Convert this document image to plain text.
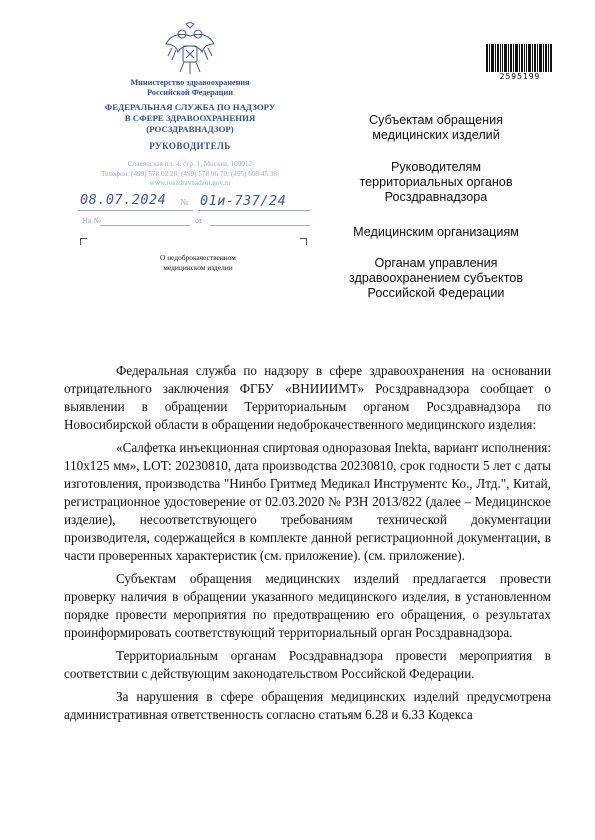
Министерство здравоохранения
Российской Федерации
ФЕДЕРАЛЬНАЯ СЛУЖБА ПО НАДЗОРУ
В СФЕРЕ ЗДРАВООХРАНЕНИЯ
(РОСЗДРАВНАДЗОР)
РУКОВОДИТЕЛЬ
Славянская пл. 4, стр. 1, Москва, 109012
Телефон: (499) 578 02 20; (499) 578 06 70; (495) 698 45 38;
www.roszdravnadzor.gov.ru
08.07.2024 № 01и-737/24
На №	от
О недоброкачественном
медицинском изделии
2595199
Субъектам обращения
медицинских изделий
Руководителям
территориальных органов
Росздравнадзора
Медицинским организациям
Органам управления
здравоохранением субъектов
Российской Федерации

Федеральная служба по надзору в сфере здравоохранения на основании отрицательного заключения ФГБУ «ВНИИИМТ» Росздравнадзора сообщает о выявлении в обращении Территориальным органом Росздравнадзора по Новосибирской области в обращении недоброкачественного медицинского изделия:

«Салфетка инъекционная спиртовая одноразовая Inekta, вариант исполнения: 110x125 мм», LOT: 20230810, дата производства 20230810, срок годности 5 лет с даты изготовления, производства "Нинбо Гритмед Медикал Инструментс Ко., Лтд.", Китай, регистрационное удостоверение от 02.03.2020 № РЗН 2013/822 (далее – Медицинское изделие), несоответствующего требованиям технической документации производителя, содержащейся в комплекте данной регистрационной документации, в части проверенных характеристик (см. приложение). (см. приложение).

Субъектам обращения медицинских изделий предлагается провести проверку наличия в обращении указанного медицинского изделия, в установленном порядке провести мероприятия по предотвращению его обращения, о результатах проинформировать соответствующий территориальный орган Росздравнадзора.

Территориальным органам Росздравнадзора провести мероприятия в соответствии с действующим законодательством Российской Федерации.

За нарушения в сфере обращения медицинских изделий предусмотрена административная ответственность согласно статьям 6.28 и 6.33 Кодекса
